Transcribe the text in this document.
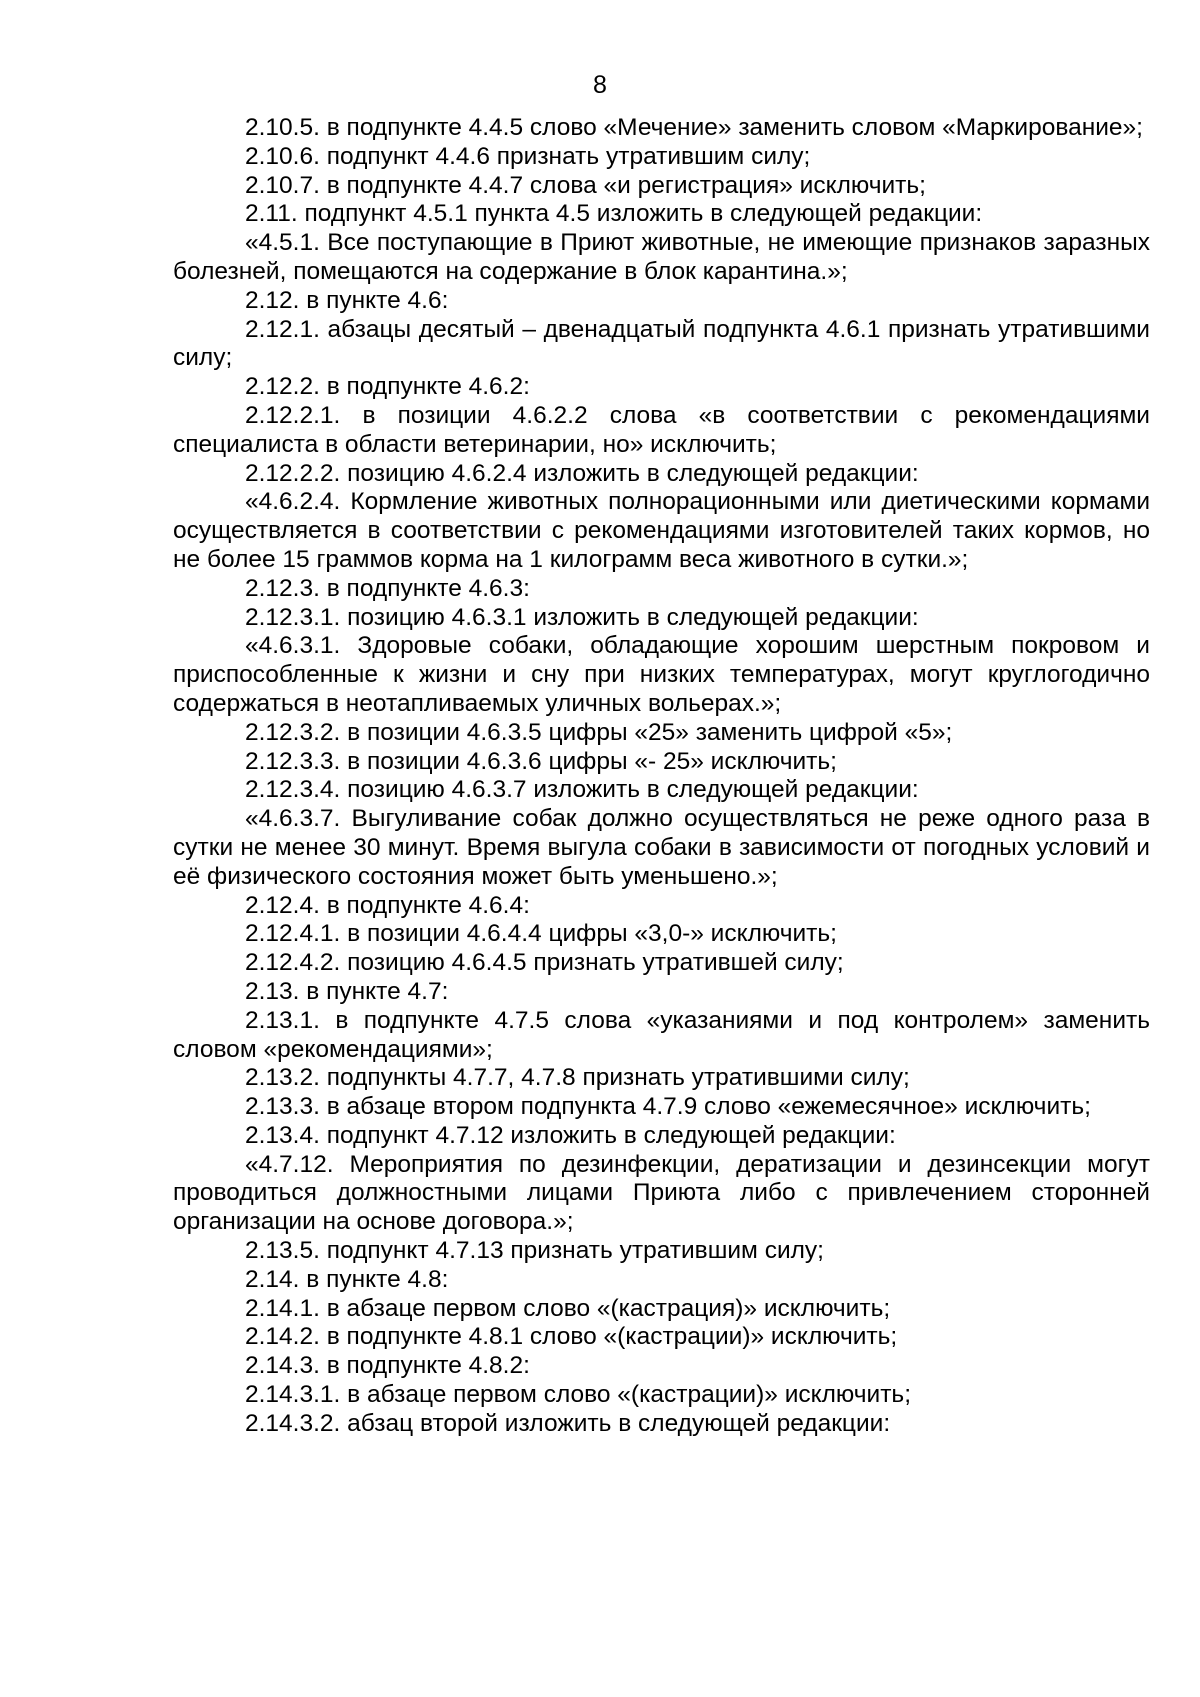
8

2.10.5. в подпункте 4.4.5 слово «Мечение» заменить словом «Маркирование»;

2.10.6. подпункт 4.4.6 признать утратившим силу;

2.10.7. в подпункте 4.4.7 слова «и регистрация» исключить;

2.11. подпункт 4.5.1 пункта 4.5 изложить в следующей редакции:

«4.5.1. Все поступающие в Приют животные, не имеющие признаков заразных болезней, помещаются на содержание в блок карантина.»;

2.12. в пункте 4.6:

2.12.1. абзацы десятый – двенадцатый подпункта 4.6.1 признать утратившими силу;

2.12.2. в подпункте 4.6.2:

2.12.2.1. в позиции 4.6.2.2 слова «в соответствии с рекомендациями специалиста в области ветеринарии, но» исключить;

2.12.2.2. позицию 4.6.2.4 изложить в следующей редакции:

«4.6.2.4. Кормление животных полнорационными или диетическими кормами осуществляется в соответствии с рекомендациями изготовителей таких кормов, но не более 15 граммов корма на 1 килограмм веса животного в сутки.»;

2.12.3. в подпункте 4.6.3:

2.12.3.1. позицию 4.6.3.1 изложить в следующей редакции:

«4.6.3.1. Здоровые собаки, обладающие хорошим шерстным покровом и приспособленные к жизни и сну при низких температурах, могут круглогодично содержаться в неотапливаемых уличных вольерах.»;

2.12.3.2. в позиции 4.6.3.5 цифры «25» заменить цифрой «5»;

2.12.3.3. в позиции 4.6.3.6 цифры «- 25» исключить;

2.12.3.4. позицию 4.6.3.7 изложить в следующей редакции:

«4.6.3.7. Выгуливание собак должно осуществляться не реже одного раза в сутки не менее 30 минут. Время выгула собаки в зависимости от погодных условий и её физического состояния может быть уменьшено.»;

2.12.4. в подпункте 4.6.4:

2.12.4.1. в позиции 4.6.4.4 цифры «3,0-» исключить;

2.12.4.2. позицию 4.6.4.5 признать утратившей силу;

2.13. в пункте 4.7:

2.13.1. в подпункте 4.7.5 слова «указаниями и под контролем» заменить словом «рекомендациями»;

2.13.2. подпункты 4.7.7, 4.7.8 признать утратившими силу;

2.13.3. в абзаце втором подпункта 4.7.9 слово «ежемесячное» исключить;

2.13.4. подпункт 4.7.12 изложить в следующей редакции:

«4.7.12. Мероприятия по дезинфекции, дератизации и дезинсекции могут проводиться должностными лицами Приюта либо с привлечением сторонней организации на основе договора.»;

2.13.5. подпункт 4.7.13 признать утратившим силу;

2.14. в пункте 4.8:

2.14.1. в абзаце первом слово «(кастрация)» исключить;

2.14.2. в подпункте 4.8.1 слово «(кастрации)» исключить;

2.14.3. в подпункте 4.8.2:

2.14.3.1. в абзаце первом слово «(кастрации)» исключить;

2.14.3.2. абзац второй изложить в следующей редакции:
